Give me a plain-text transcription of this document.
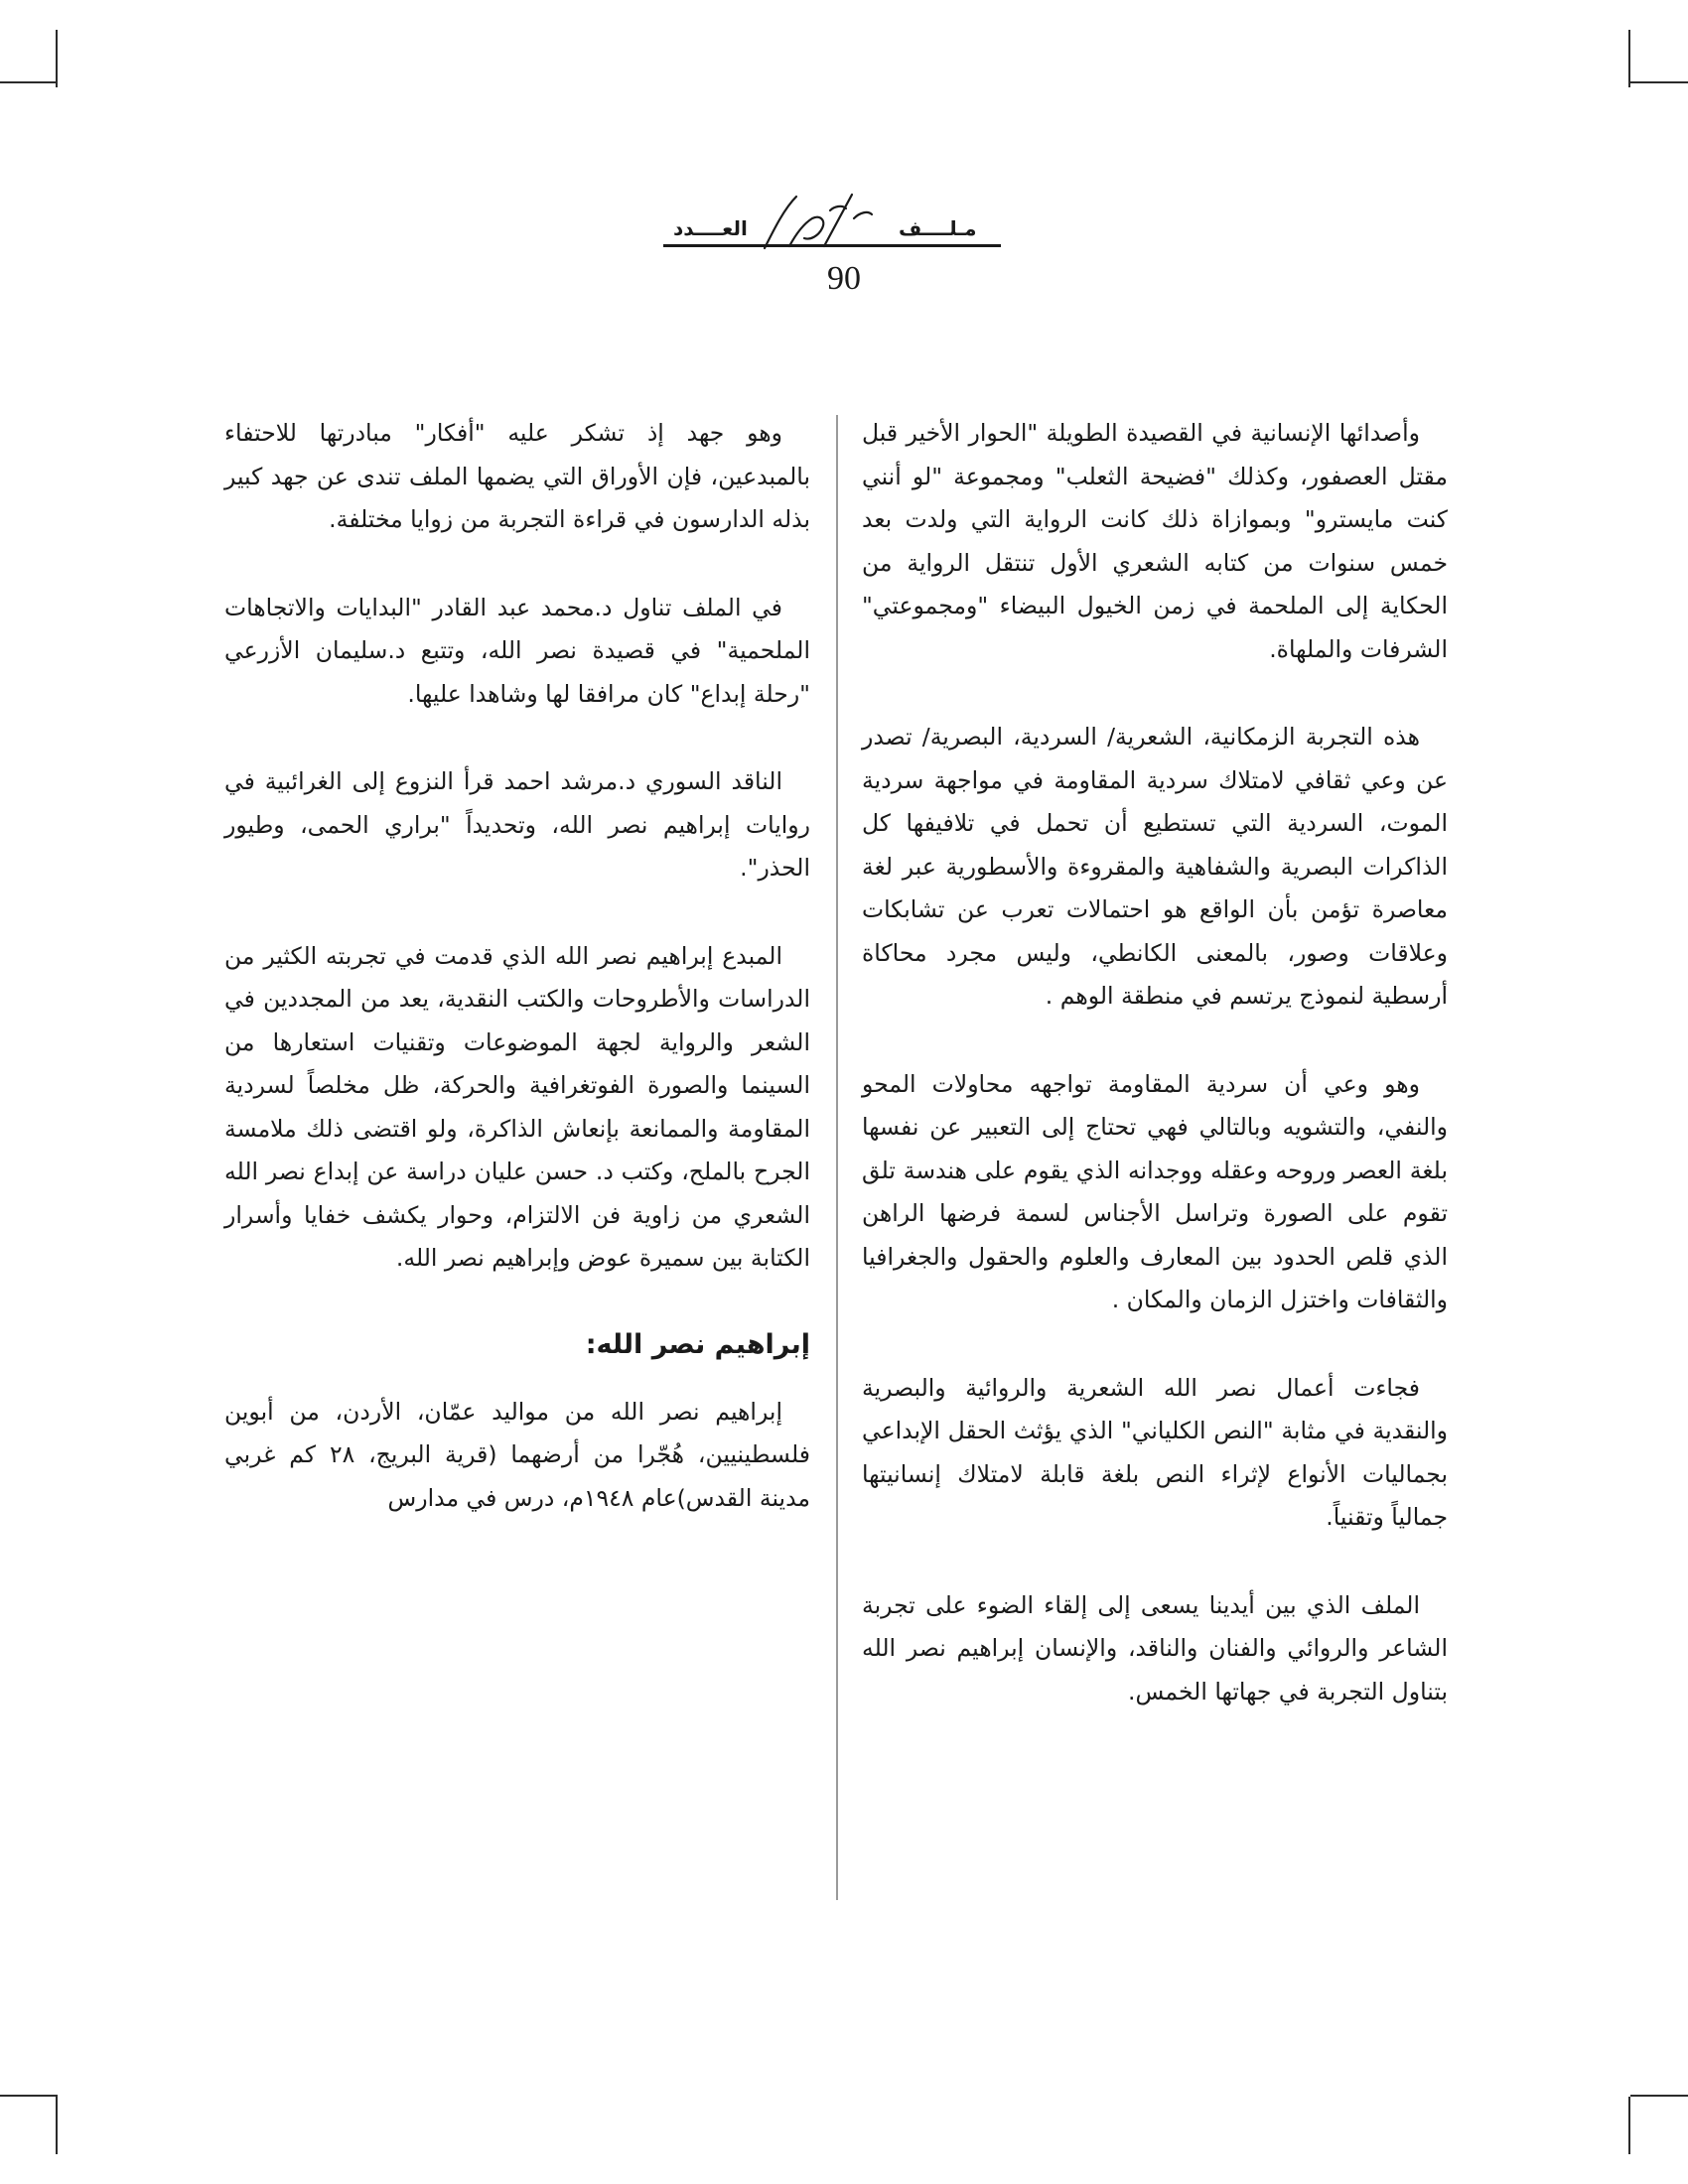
العــــدد	مـلــــف
90

وأصدائها الإنسانية في القصيدة الطويلة "الحوار الأخير قبل مقتل العصفور، وكذلك "فضيحة الثعلب" ومجموعة "لو أنني كنت مايسترو" وبموازاة ذلك كانت الرواية التي ولدت بعد خمس سنوات من كتابه الشعري الأول تنتقل الرواية من الحكاية إلى الملحمة في زمن الخيول البيضاء "ومجموعتي" الشرفات والملهاة.

هذه التجربة الزمكانية، الشعرية/ السردية، البصرية/ تصدر عن وعي ثقافي لامتلاك سردية المقاومة في مواجهة سردية الموت، السردية التي تستطيع أن تحمل في تلافيفها كل الذاكرات البصرية والشفاهية والمقروءة والأسطورية عبر لغة معاصرة تؤمن بأن الواقع هو احتمالات تعرب عن تشابكات وعلاقات وصور، بالمعنى الكانطي، وليس مجرد محاكاة أرسطية لنموذج يرتسم في منطقة الوهم .

وهو وعي أن سردية المقاومة تواجهه محاولات المحو والنفي، والتشويه وبالتالي فهي تحتاج إلى التعبير عن نفسها بلغة العصر وروحه وعقله ووجدانه الذي يقوم على هندسة تلق تقوم على الصورة وتراسل الأجناس لسمة فرضها الراهن الذي قلص الحدود بين المعارف والعلوم والحقول والجغرافيا والثقافات واختزل الزمان والمكان .

فجاءت أعمال نصر الله الشعرية والروائية والبصرية والنقدية في مثابة "النص الكلياني" الذي يؤثث الحقل الإبداعي بجماليات الأنواع لإثراء النص بلغة قابلة لامتلاك إنسانيتها جمالياً وتقنياً.

الملف الذي بين أيدينا يسعى إلى إلقاء الضوء على تجربة الشاعر والروائي والفنان والناقد، والإنسان إبراهيم نصر الله بتناول التجربة في جهاتها الخمس.

وهو جهد إذ تشكر عليه "أفكار" مبادرتها للاحتفاء بالمبدعين، فإن الأوراق التي يضمها الملف تندى عن جهد كبير بذله الدارسون في قراءة التجربة من زوايا مختلفة.

في الملف تناول د.محمد عبد القادر "البدايات والاتجاهات الملحمية" في قصيدة نصر الله، وتتبع د.سليمان الأزرعي "رحلة إبداع" كان مرافقا لها وشاهدا عليها.

الناقد السوري د.مرشد احمد قرأ النزوع إلى الغرائبية في روايات إبراهيم نصر الله، وتحديداً "براري الحمى، وطيور الحذر".

المبدع إبراهيم نصر الله الذي قدمت في تجربته الكثير من الدراسات والأطروحات والكتب النقدية، يعد من المجددين في الشعر والرواية لجهة الموضوعات وتقنيات استعارها من السينما والصورة الفوتغرافية والحركة، ظل مخلصاً لسردية المقاومة والممانعة بإنعاش الذاكرة، ولو اقتضى ذلك ملامسة الجرح بالملح، وكتب د. حسن عليان دراسة عن إبداع نصر الله الشعري من زاوية فن الالتزام، وحوار يكشف خفايا وأسرار الكتابة بين سميرة عوض وإبراهيم نصر الله.

إبراهيم نصر الله:

إبراهيم نصر الله من مواليد عمّان، الأردن، من أبوين فلسطينيين، هُجّرا من أرضهما (قرية البريج، ٢٨ كم غربي مدينة القدس)عام ١٩٤٨م، درس في مدارس
